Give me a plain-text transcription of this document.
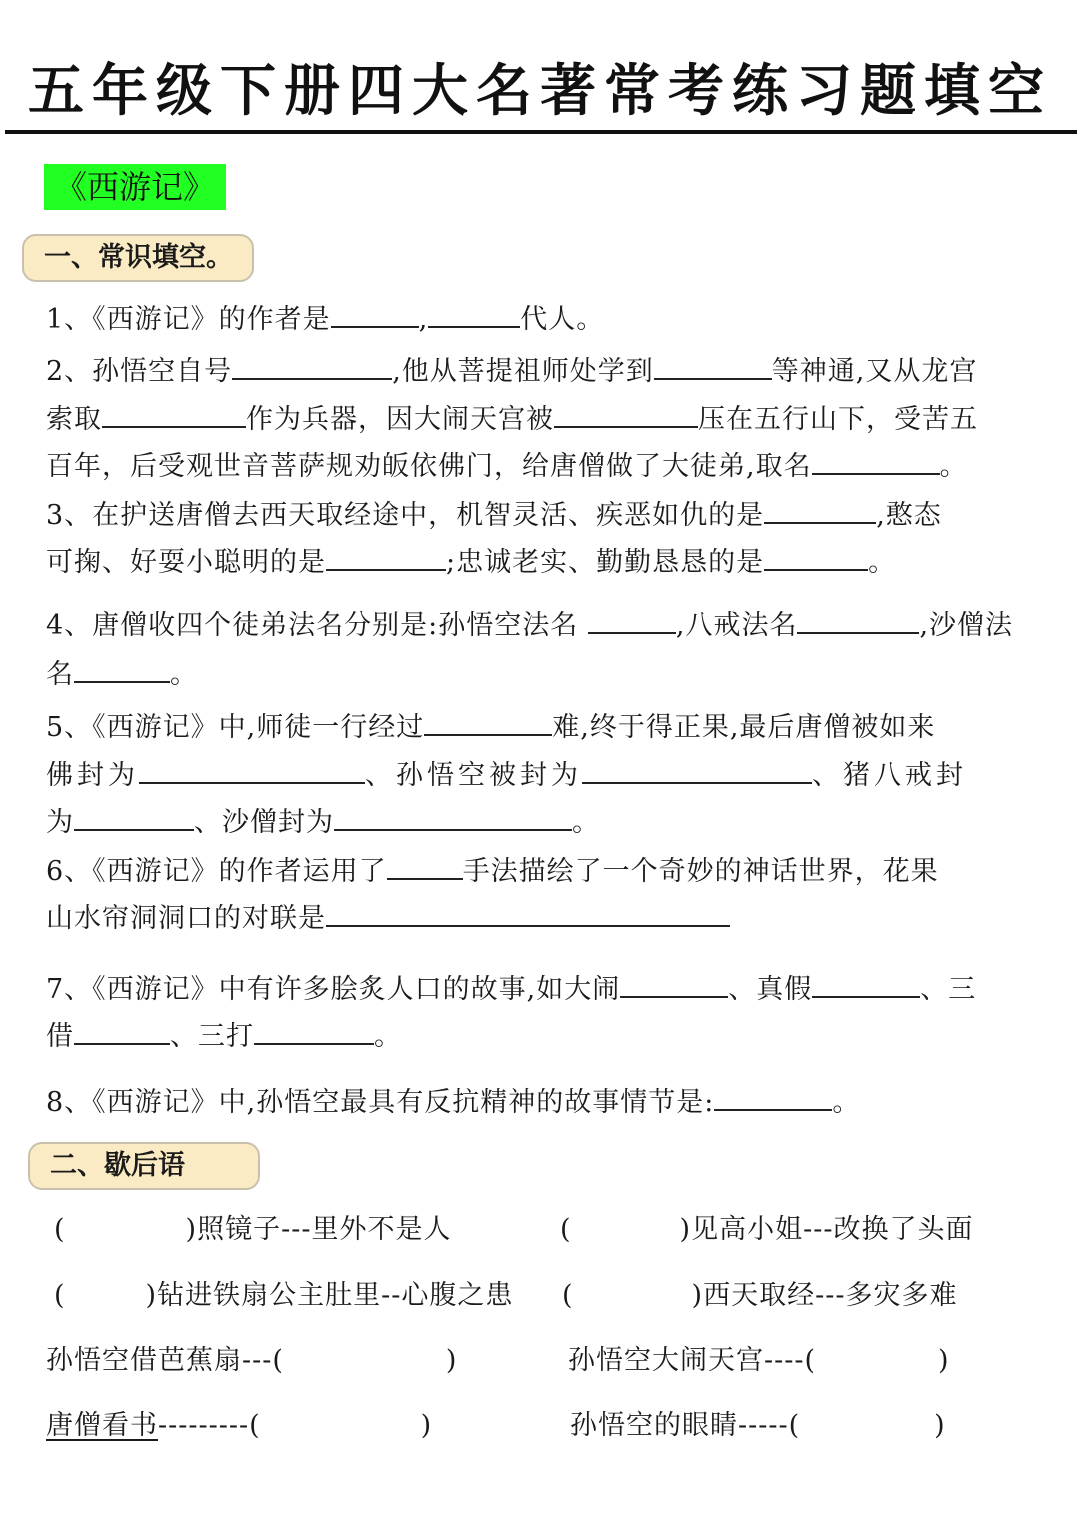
五年级下册四大名著常考练习题填空
《西游记》
一、常识填空。
1、《西游记》的作者是	,	代人。
2、孙悟空自号	,他从菩提祖师处学到	等神通,又从龙宫
索取	作为兵器，因大闹天宫被	压在五行山下，受苦五
百年，后受观世音菩萨规劝皈依佛门，给唐僧做了大徒弟,取名	。
3、在护送唐僧去西天取经途中，机智灵活、疾恶如仇的是	,憨态
可掬、好耍小聪明的是	;忠诚老实、勤勤恳恳的是	。
4、唐僧收四个徒弟法名分别是:孙悟空法名	,八戒法名	,沙僧法
名	。
5、《西游记》中,师徒一行经过	难,终于得正果,最后唐僧被如来
佛封为	、孙悟空被封为	、猪八戒封
为	、沙僧封为	。
6、《西游记》的作者运用了	手法描绘了一个奇妙的神话世界，花果
山水帘洞洞口的对联是
7、《西游记》中有许多脍炙人口的故事,如大闹	、真假	、三
借	、三打	。
8、《西游记》中,孙悟空最具有反抗精神的故事情节是:	。
二、歇后语
(	)照镜子---里外不是人	(	)见高小姐---改换了头面
(	)钻进铁扇公主肚里--心腹之患 (	)西天取经---多灾多难
孙悟空借芭蕉扇---(	)	孙悟空大闹天宫----(	)
唐僧看书---------(	)	孙悟空的眼睛-----(	)
